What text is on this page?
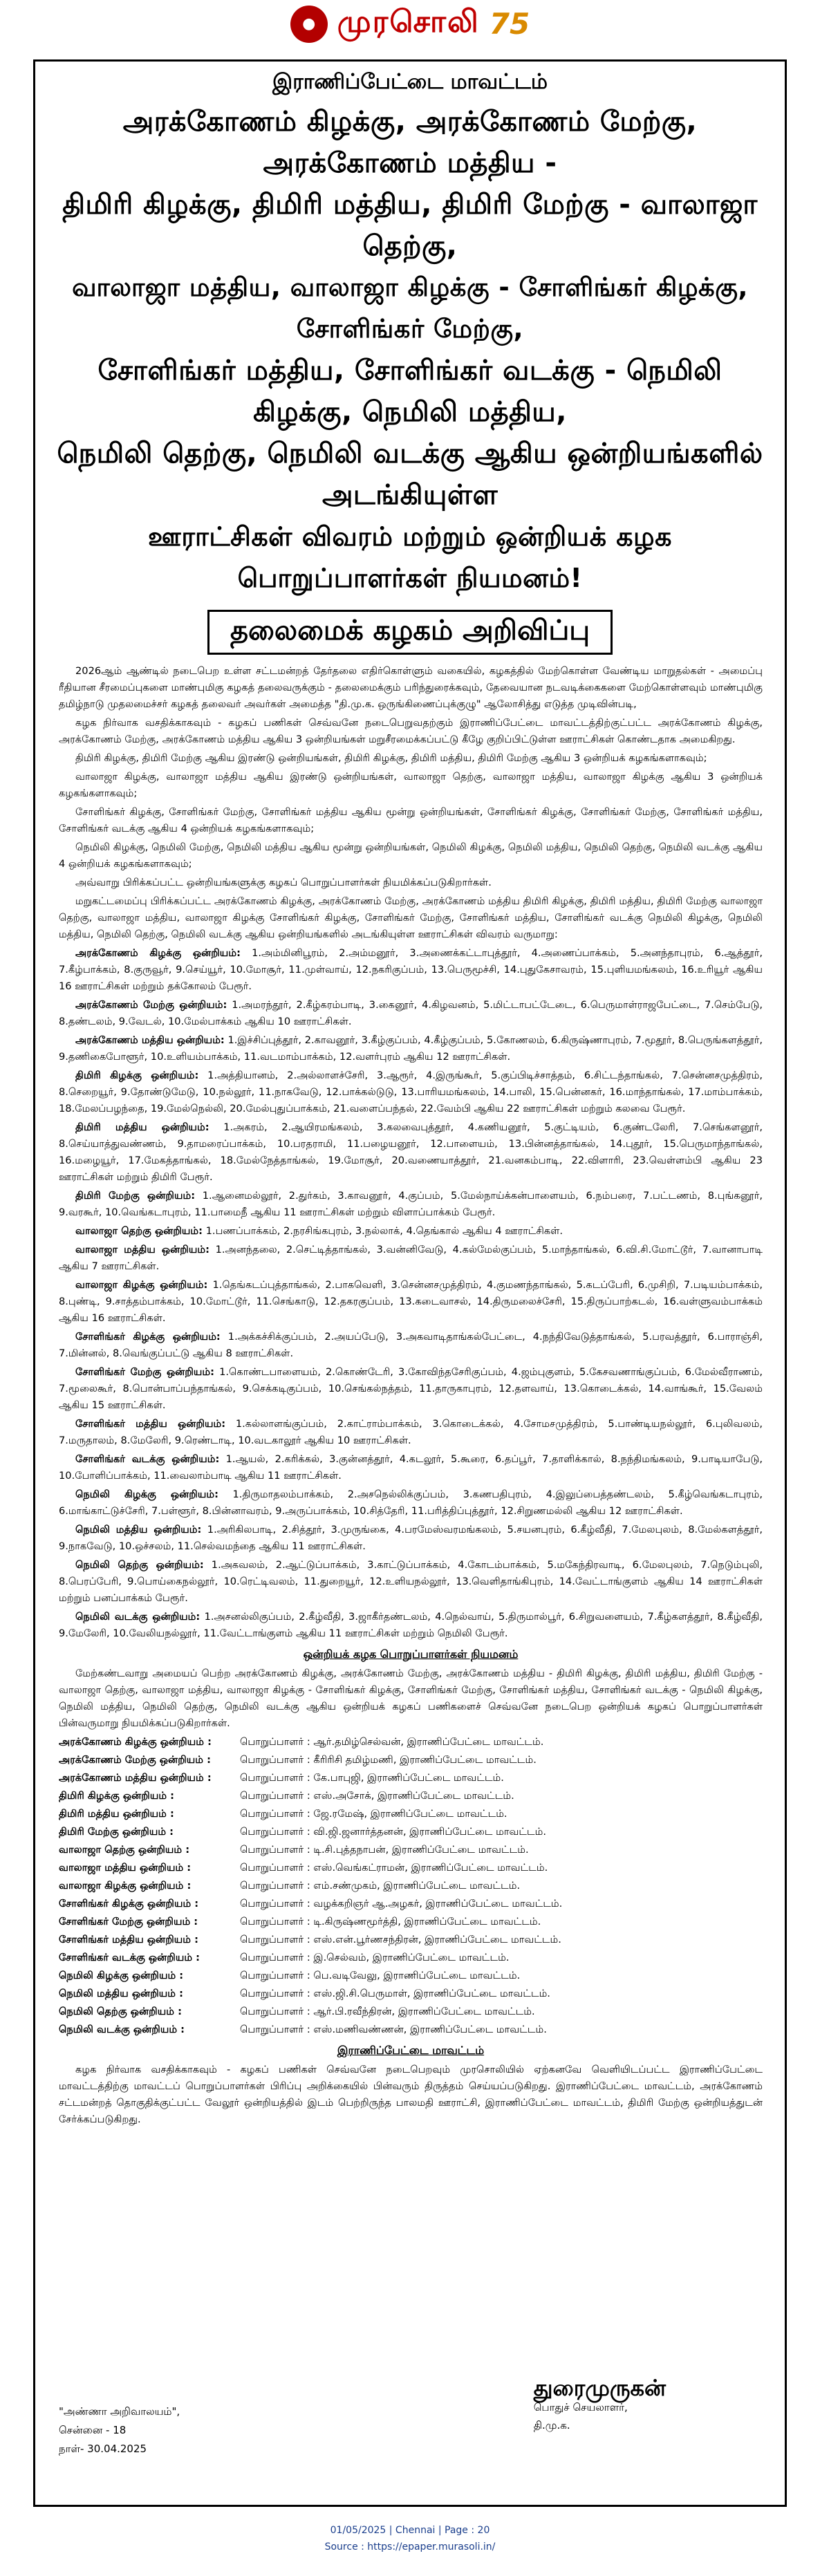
● முரசொலி 75
இராணிப்பேட்டை மாவட்டம்
அரக்கோணம் கிழக்கு, அரக்கோணம் மேற்கு, அரக்கோணம் மத்திய -
திமிரி கிழக்கு, திமிரி மத்திய, திமிரி மேற்கு - வாலாஜா தெற்கு,
வாலாஜா மத்திய, வாலாஜா கிழக்கு - சோளிங்கர் கிழக்கு, சோளிங்கர் மேற்கு,
சோளிங்கர் மத்திய, சோளிங்கர் வடக்கு - நெமிலி கிழக்கு, நெமிலி மத்திய,
நெமிலி தெற்கு, நெமிலி வடக்கு ஆகிய ஒன்றியங்களில் அடங்கியுள்ள
ஊராட்சிகள் விவரம் மற்றும் ஒன்றியக் கழக பொறுப்பாளர்கள் நியமனம்!
தலைமைக் கழகம் அறிவிப்பு

2026ஆம் ஆண்டில் நடைபெற உள்ள சட்டமன்றத் தேர்தலை எதிர்கொள்ளும் வகையில், கழகத்தில் மேற்கொள்ள வேண்டிய மாறுதல்கள் - அமைப்பு ரீதியான சீரமைப்புகளை மாண்புமிகு கழகத் தலைவருக்கும் - தலைமைக்கும் பரிந்துரைக்கவும், தேவையான நடவடிக்கைகளை மேற்கொள்ளவும் மாண்புமிகு தமிழ்நாடு முதலமைச்சர் கழகத் தலைவர் அவர்கள் அமைத்த "தி.மு.க. ஒருங்கிணைப்புக்குழு" ஆலோசித்து எடுத்த முடிவின்படி,

கழக நிர்வாக வசதிக்காகவும் - கழகப் பணிகள் செவ்வனே நடைபெறுவதற்கும் இராணிப்பேட்டை மாவட்டத்திற்குட்பட்ட அரக்கோணம் கிழக்கு, அரக்கோணம் மேற்கு, அரக்கோணம் மத்திய ஆகிய 3 ஒன்றியங்கள் மறுசீரமைக்கப்பட்டு கீழே குறிப்பிட்டுள்ள ஊராட்சிகள் கொண்டதாக அமைகிறது.

திமிரி கிழக்கு, திமிரி மேற்கு ஆகிய இரண்டு ஒன்றியங்கள், திமிரி கிழக்கு, திமிரி மத்திய, திமிரி மேற்கு ஆகிய 3 ஒன்றியக் கழகங்களாகவும்;

வாலாஜா கிழக்கு, வாலாஜா மத்திய ஆகிய இரண்டு ஒன்றியங்கள், வாலாஜா தெற்கு, வாலாஜா மத்திய, வாலாஜா கிழக்கு ஆகிய 3 ஒன்றியக் கழகங்களாகவும்;

சோளிங்கர் கிழக்கு, சோளிங்கர் மேற்கு, சோளிங்கர் மத்திய ஆகிய மூன்று ஒன்றியங்கள், சோளிங்கர் கிழக்கு, சோளிங்கர் மேற்கு, சோளிங்கர் மத்திய, சோளிங்கர் வடக்கு ஆகிய 4 ஒன்றியக் கழகங்களாகவும்;

நெமிலி கிழக்கு, நெமிலி மேற்கு, நெமிலி மத்திய ஆகிய மூன்று ஒன்றியங்கள், நெமிலி கிழக்கு, நெமிலி மத்திய, நெமிலி தெற்கு, நெமிலி வடக்கு ஆகிய 4 ஒன்றியக் கழகங்களாகவும்;

அவ்வாறு பிரிக்கப்பட்ட ஒன்றியங்களுக்கு கழகப் பொறுப்பாளர்கள் நியமிக்கப்படுகிறார்கள்.

மறுகட்டமைப்பு பிரிக்கப்பட்ட அரக்கோணம் கிழக்கு, அரக்கோணம் மேற்கு, அரக்கோணம் மத்திய திமிரி கிழக்கு, திமிரி மத்திய, திமிரி மேற்கு வாலாஜா தெற்கு, வாலாஜா மத்திய, வாலாஜா கிழக்கு சோளிங்கர் கிழக்கு, சோளிங்கர் மேற்கு, சோளிங்கர் மத்திய, சோளிங்கர் வடக்கு நெமிலி கிழக்கு, நெமிலி மத்திய, நெமிலி தெற்கு, நெமிலி வடக்கு ஆகிய ஒன்றியங்களில் அடங்கியுள்ள ஊராட்சிகள் விவரம் வருமாறு:

அரக்கோணம் கிழக்கு ஒன்றியம்: 1.அம்மினிபூரம், 2.அம்மனூர், 3.அணைக்கட்டாபுத்தூர், 4.அணைப்பாக்கம், 5.அனந்தாபுரம், 6.ஆத்தூர், 7.கீழ்பாக்கம், 8.குருவூர், 9.செய்யூர், 10.மோசூர், 11.முள்வாய், 12.நகரிகுப்பம், 13.பெருமூச்சி, 14.புதுகேசாவரம், 15.புளியமங்கலம், 16.உரியூர் ஆகிய 16 ஊராட்சிகள் மற்றும் தக்கோலம் பேரூர்.

அரக்கோணம் மேற்கு ஒன்றியம்: 1.அமரந்தூர், 2.கீழ்கரம்பாடி, 3.கைனூர், 4.கிழவனம், 5.மிட்டாபட்டேடை, 6.பெருமாள்ராஜபேட்டை, 7.செம்பேடு, 8.தண்டலம், 9.வேடல், 10.மேல்பாக்கம் ஆகிய 10 ஊராட்சிகள்.

அரக்கோணம் மத்திய ஒன்றியம்: 1.இச்சிப்புத்தூர், 2.காவனூர், 3.கீழ்குப்பம், 4.கீழ்குப்பம், 5.கோணலம், 6.கிருஷ்ணாபுரம், 7.மூதூர், 8.பெருங்களத்தூர், 9.தணிகைபோளூர், 10.உளியம்பாக்கம், 11.வடமாம்பாக்கம், 12.வளர்புரம் ஆகிய 12 ஊராட்சிகள்.

திமிரி கிழக்கு ஒன்றியம்: 1.அத்தியானம், 2.அல்லாளச்சேரி, 3.ஆரூர், 4.இருங்கூர், 5.குப்பிடிச்சாத்தம், 6.சிட்டந்தாங்கல், 7.சென்னசமுத்திரம், 8.செறையூர், 9.தோண்டுமேடு, 10.நல்லூர், 11.நாகவேடு, 12.பாக்கல்டுடு, 13.பாரியமங்கலம், 14.பாலி, 15.பென்னகர், 16.மாந்தாங்கல், 17.மாம்பாக்கம், 18.மேலப்பழந்தை, 19.மேல்நெல்லி, 20.மேல்புதுப்பாக்கம், 21.வளைப்பந்தல், 22.வேம்பி ஆகிய 22 ஊராட்சிகள் மற்றும் கலவை பேரூர்.

திமிரி மத்திய ஒன்றியம்: 1.அகரம், 2.ஆயிரமங்கலம், 3.கலவைபுத்தூர், 4.கணியனூர், 5.குட்டியம், 6.குண்டலேரி, 7.செங்களனூர், 8.செய்யாத்துவண்ணம், 9.தாமரைப்பாக்கம், 10.பரதராமி, 11.பழையனூர், 12.பாளையம், 13.பின்னத்தாங்கல், 14.புதூர், 15.பெருமாந்தாங்கல், 16.மழையூர், 17.மேகத்தாங்கல், 18.மேல்நேத்தாங்கல், 19.மோசூர், 20.வணையாத்தூர், 21.வனகம்பாடி, 22.விளாரி, 23.வெள்ளம்பி ஆகிய 23 ஊராட்சிகள் மற்றும் திமிரி பேரூர்.

திமிரி மேற்கு ஒன்றியம்: 1.ஆனைமல்லூர், 2.துர்கம், 3.காவனூர், 4.குப்பம், 5.மேல்நாய்க்கன்பாளையம், 6.நம்பரை, 7.பட்டணம், 8.புங்கனூர், 9.வரகூர், 10.வெங்கடாபுரம், 11.பாமைநீ ஆகிய 11 ஊராட்சிகள் மற்றும் விளாப்பாக்கம் பேரூர்.

வாலாஜா தெற்கு ஒன்றியம்: 1.பணப்பாக்கம், 2.நரசிங்கபுரம், 3.நல்லாக், 4.தெங்கால் ஆகிய 4 ஊராட்சிகள்.

வாலாஜா மத்திய ஒன்றியம்: 1.அனந்தலை, 2.செட்டித்தாங்கல், 3.வன்னிவேடு, 4.கல்மேல்குப்பம், 5.மாந்தாங்கல், 6.வி.சி.மோட்டூர், 7.வானாபாடி ஆகிய 7 ஊராட்சிகள்.

வாலாஜா கிழக்கு ஒன்றியம்: 1.தெங்கடப்புத்தாங்கல், 2.பாகவெளி, 3.சென்னசமுத்திரம், 4.குமணந்தாங்கல், 5.கடப்பேரி, 6.முசிறி, 7.படியம்பாக்கம், 8.புண்டி, 9.சாத்தம்பாக்கம், 10.மோட்டூர், 11.செங்காடு, 12.தகரகுப்பம், 13.கடைவாசல், 14.திருமலைச்சேரி, 15.திருப்பாற்கடல், 16.வள்ளுவம்பாக்கம் ஆகிய 16 ஊராட்சிகள்.

சோளிங்கர் கிழக்கு ஒன்றியம்: 1.அக்கச்சிக்குப்பம், 2.அயப்பேடு, 3.அகவாடிதாங்கல்பேட்டை, 4.நந்திவேடுத்தாங்கல், 5.பரவத்தூர், 6.பாராஞ்சி, 7.மின்னல், 8.வெங்குப்பட்டு ஆகிய 8 ஊராட்சிகள்.

சோளிங்கர் மேற்கு ஒன்றியம்: 1.கொண்டபாளையம், 2.கொண்டேரி, 3.கோவிந்தசேரிகுப்பம், 4.ஜம்புகுளம், 5.கேசவணாங்குப்பம், 6.மேல்வீராணம், 7.மூலைகூர், 8.பொன்பாப்பந்தாங்கல், 9.செக்கடிகுப்பம், 10.செங்கல்நத்தம், 11.தாருகாபுரம், 12.தளவாய், 13.கொடைக்கல், 14.வாங்கூர், 15.வேலம் ஆகிய 15 ஊராட்சிகள்.

சோளிங்கர் மத்திய ஒன்றியம்: 1.கல்லாளங்குப்பம், 2.காட்ராம்பாக்கம், 3.கொடைக்கல், 4.சோமசமுத்திரம், 5.பாண்டியநல்லூர், 6.புலிவலம், 7.மருதாலம், 8.மேலேரி, 9.ரெண்டாடி, 10.வடகாலூர் ஆகிய 10 ஊராட்சிகள்.

சோளிங்கர் வடக்கு ஒன்றியம்: 1.ஆயல், 2.கரிக்கல், 3.குன்னத்தூர், 4.கடலூர், 5.கூரை, 6.தப்பூர், 7.தாளிக்கால், 8.நந்திமங்கலம், 9.பாடியாபேடு, 10.போளிப்பாக்கம், 11.வைலாம்பாடி ஆகிய 11 ஊராட்சிகள்.

நெமிலி கிழக்கு ஒன்றியம்: 1.திருமாதலம்பாக்கம், 2.அசநெல்லிக்குப்பம், 3.கணபதிபுரம், 4.இலுப்பைத்தண்டலம், 5.கீழ்வெங்கடாபுரம், 6.மாங்காட்டுச்சேரி, 7.பள்ளூர், 8.பின்னாவரம், 9.அருப்பாக்கம், 10.சித்தேரி, 11.பரித்திப்புத்தூர், 12.சிறுணமல்லி ஆகிய 12 ஊராட்சிகள்.

நெமிலி மத்திய ஒன்றியம்: 1.அரிகிலபாடி, 2.சித்தூர், 3.முருங்கை, 4.பரமேஸ்வரமங்கலம், 5.சயனபுரம், 6.கீழ்வீதி, 7.மேலபுலம், 8.மேல்களத்தூர், 9.நாகவேடு, 10.ஒச்சலம், 11.செல்வமந்தை ஆகிய 11 ஊராட்சிகள்.

நெமிலி தெற்கு ஒன்றியம்: 1.அகவலம், 2.ஆட்டுப்பாக்கம், 3.காட்டுப்பாக்கம், 4.கோடம்பாக்கம், 5.மகேந்திரவாடி, 6.மேலபுலம், 7.நெடும்புலி, 8.பெரப்பேரி, 9.பொய்கைநல்லூர், 10.ரெட்டிவலம், 11.துறையூர், 12.உளியநல்லூர், 13.வெளிதாங்கிபுரம், 14.வேட்டாங்குளம் ஆகிய 14 ஊராட்சிகள் மற்றும் பனப்பாக்கம் பேரூர்.

நெமிலி வடக்கு ஒன்றியம்: 1.அசனல்லிகுப்பம், 2.கீழ்வீதி, 3.ஜாகீர்தண்டலம், 4.நெல்வாய், 5.திருமால்பூர், 6.சிறுவளையம், 7.கீழ்களத்தூர், 8.கீழ்வீதி, 9.மேலேரி, 10.வேலியநல்லூர், 11.வேட்டாங்குளம் ஆகிய 11 ஊராட்சிகள் மற்றும் நெமிலி பேரூர்.

ஒன்றியக் கழக பொறுப்பாளர்கள் நியமனம்

மேற்கண்டவாறு அமையப் பெற்ற அரக்கோணம் கிழக்கு, அரக்கோணம் மேற்கு, அரக்கோணம் மத்திய - திமிரி கிழக்கு, திமிரி மத்திய, திமிரி மேற்கு - வாலாஜா தெற்கு, வாலாஜா மத்திய, வாலாஜா கிழக்கு - சோளிங்கர் கிழக்கு, சோளிங்கர் மேற்கு, சோளிங்கர் மத்திய, சோளிங்கர் வடக்கு - நெமிலி கிழக்கு, நெமிலி மத்திய, நெமிலி தெற்கு, நெமிலி வடக்கு ஆகிய ஒன்றியக் கழகப் பணிகளைச் செவ்வனே நடைபெற ஒன்றியக் கழகப் பொறுப்பாளர்கள் பின்வருமாறு நியமிக்கப்படுகிறார்கள்.

அரக்கோணம் கிழக்கு ஒன்றியம் :	பொறுப்பாளர் : ஆர்.தமிழ்செல்வன், இராணிப்பேட்டை மாவட்டம்.
அரக்கோணம் மேற்கு ஒன்றியம் :	பொறுப்பாளர் : கீரிரிசி தமிழ்மணி, இராணிப்பேட்டை மாவட்டம்.
அரக்கோணம் மத்திய ஒன்றியம் :	பொறுப்பாளர் : கே.பாபுஜி, இராணிப்பேட்டை மாவட்டம்.
திமிரி கிழக்கு ஒன்றியம் :	பொறுப்பாளர் : எஸ்.அசோக், இராணிப்பேட்டை மாவட்டம்.
திமிரி மத்திய ஒன்றியம் :	பொறுப்பாளர் : ஜே.ரமேஷ், இராணிப்பேட்டை மாவட்டம்.
திமிரி மேற்கு ஒன்றியம் :	பொறுப்பாளர் : வி.ஜி.ஜனார்த்தனன், இராணிப்பேட்டை மாவட்டம்.
வாலாஜா தெற்கு ஒன்றியம் :	பொறுப்பாளர் : டி.சி.புத்தநாபன், இராணிப்பேட்டை மாவட்டம்.
வாலாஜா மத்திய ஒன்றியம் :	பொறுப்பாளர் : எஸ்.வெங்கட்ராமன், இராணிப்பேட்டை மாவட்டம்.
வாலாஜா கிழக்கு ஒன்றியம் :	பொறுப்பாளர் : எம்.சண்முகம், இராணிப்பேட்டை மாவட்டம்.
சோளிங்கர் கிழக்கு ஒன்றியம் :	பொறுப்பாளர் : வழக்கறிஞர் ஆ.அழகர், இராணிப்பேட்டை மாவட்டம்.
சோளிங்கர் மேற்கு ஒன்றியம் :	பொறுப்பாளர் : டி.கிருஷ்ணமூர்த்தி, இராணிப்பேட்டை மாவட்டம்.
சோளிங்கர் மத்திய ஒன்றியம் :	பொறுப்பாளர் : எஸ்.என்.பூர்ணசந்திரன், இராணிப்பேட்டை மாவட்டம்.
சோளிங்கர் வடக்கு ஒன்றியம் :	பொறுப்பாளர் : இ.செல்வம், இராணிப்பேட்டை மாவட்டம்.
நெமிலி கிழக்கு ஒன்றியம் :	பொறுப்பாளர் : பெ.வடிவேலு, இராணிப்பேட்டை மாவட்டம்.
நெமிலி மத்திய ஒன்றியம் :	பொறுப்பாளர் : எஸ்.ஜி.சி.பெருமாள், இராணிப்பேட்டை மாவட்டம்.
நெமிலி தெற்கு ஒன்றியம் :	பொறுப்பாளர் : ஆர்.பி.ரவீந்திரன், இராணிப்பேட்டை மாவட்டம்.
நெமிலி வடக்கு ஒன்றியம் :	பொறுப்பாளர் : எஸ்.மணிவண்ணன், இராணிப்பேட்டை மாவட்டம்.
இராணிப்பேட்டை மாவட்டம்

கழக நிர்வாக வசதிக்காகவும் - கழகப் பணிகள் செவ்வனே நடைபெறவும் முரசொலியில் ஏற்கனவே வெளியிடப்பட்ட இராணிப்பேட்டை மாவட்டத்திற்கு மாவட்டப் பொறுப்பாளர்கள் பிரிப்பு அறிக்கையில் பின்வரும் திருத்தம் செய்யப்படுகிறது. இராணிப்பேட்டை மாவட்டம், அரக்கோணம் சட்டமன்றத் தொகுதிக்குட்பட்ட வேலூர் ஒன்றியத்தில் இடம் பெற்றிருந்த பாலமதி ஊராட்சி, இராணிப்பேட்டை மாவட்டம், திமிரி மேற்கு ஒன்றியத்துடன் சேர்க்கப்படுகிறது.

"அண்ணா அறிவாலயம்",
சென்னை - 18
நாள்- 30.04.2025
துரைமுருகன்
பொதுச் செயலாளர்,
தி.மு.க.
01/05/2025 | Chennai | Page : 20
Source : https://epaper.murasoli.in/
